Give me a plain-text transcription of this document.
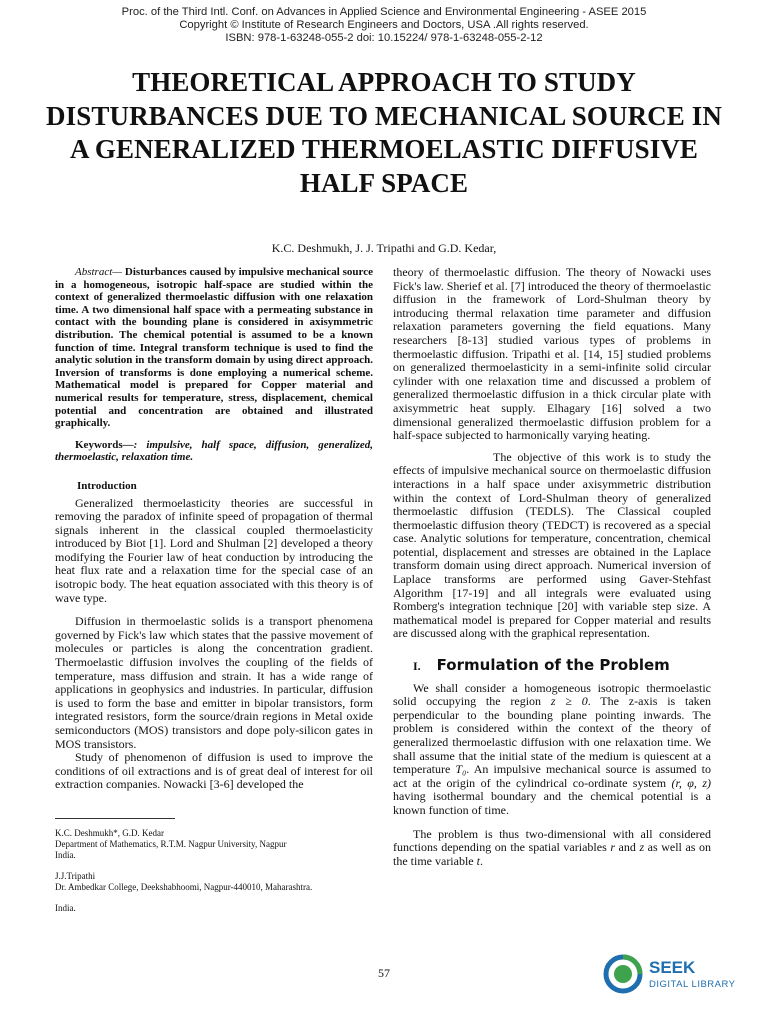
Proc. of the Third Intl. Conf. on Advances in Applied Science and Environmental Engineering - ASEE 2015
Copyright © Institute of Research Engineers and Doctors, USA .All rights reserved.
ISBN: 978-1-63248-055-2 doi: 10.15224/ 978-1-63248-055-2-12
THEORETICAL APPROACH TO STUDY DISTURBANCES DUE TO MECHANICAL SOURCE IN A GENERALIZED THERMOELASTIC DIFFUSIVE HALF SPACE
K.C. Deshmukh, J. J. Tripathi and G.D. Kedar,

Abstract— Disturbances caused by impulsive mechanical source in a homogeneous, isotropic half-space are studied within the context of generalized thermoelastic diffusion with one relaxation time. A two dimensional half space with a permeating substance in contact with the bounding plane is considered in axisymmetric distribution. The chemical potential is assumed to be a known function of time. Integral transform technique is used to find the analytic solution in the transform domain by using direct approach. Inversion of transforms is done employing a numerical scheme. Mathematical model is prepared for Copper material and numerical results for temperature, stress, displacement, chemical potential and concentration are obtained and illustrated graphically.

Keywords—: impulsive, half space, diffusion, generalized, thermoelastic, relaxation time.

Introduction

Generalized thermoelasticity theories are successful in removing the paradox of infinite speed of propagation of thermal signals inherent in the classical coupled thermoelasticity introduced by Biot [1]. Lord and Shulman [2] developed a theory modifying the Fourier law of heat conduction by introducing the heat flux rate and a relaxation time for the special case of an isotropic body. The heat equation associated with this theory is of wave type.

Diffusion in thermoelastic solids is a transport phenomena governed by Fick's law which states that the passive movement of molecules or particles is along the concentration gradient. Thermoelastic diffusion involves the coupling of the fields of temperature, mass diffusion and strain. It has a wide range of applications in geophysics and industries. In particular, diffusion is used to form the base and emitter in bipolar transistors, form integrated resistors, form the source/drain regions in Metal oxide semiconductors (MOS) transistors and dope poly-silicon gates in MOS transistors.

Study of phenomenon of diffusion is used to improve the conditions of oil extractions and is of great deal of interest for oil extraction companies. Nowacki [3-6] developed the

theory of thermoelastic diffusion. The theory of Nowacki uses Fick's law. Sherief et al. [7] introduced the theory of thermoelastic diffusion in the framework of Lord-Shulman theory by introducing thermal relaxation time parameter and diffusion relaxation parameters governing the field equations. Many researchers [8-13] studied various types of problems in thermoelastic diffusion. Tripathi et al. [14, 15] studied problems on generalized thermoelasticity in a semi-infinite solid circular cylinder with one relaxation time and discussed a problem of generalized thermoelastic diffusion in a thick circular plate with axisymmetric heat supply. Elhagary [16] solved a two dimensional generalized thermoelastic diffusion problem for a half-space subjected to harmonically varying heating.

The objective of this work is to study the effects of impulsive mechanical source on thermoelastic diffusion interactions in a half space under axisymmetric distribution within the context of Lord-Shulman theory of generalized thermoelastic diffusion (TEDLS). The Classical coupled thermoelastic diffusion theory (TEDCT) is recovered as a special case. Analytic solutions for temperature, concentration, chemical potential, displacement and stresses are obtained in the Laplace transform domain using direct approach. Numerical inversion of Laplace transforms are performed using Gaver-Stehfast Algorithm [17-19] and all integrals were evaluated using Romberg's integration technique [20] with variable step size. A mathematical model is prepared for Copper material and results are discussed along with the graphical representation.

I. Formulation of the Problem

We shall consider a homogeneous isotropic thermoelastic solid occupying the region z ≥ 0. The z-axis is taken perpendicular to the bounding plane pointing inwards. The problem is considered within the context of the theory of generalized thermoelastic diffusion with one relaxation time. We shall assume that the initial state of the medium is quiescent at a temperature T₀. An impulsive mechanical source is assumed to act at the origin of the cylindrical co-ordinate system (r, φ, z) having isothermal boundary and the chemical potential is a known function of time.

The problem is thus two-dimensional with all considered functions depending on the spatial variables r and z as well as on the time variable t.

K.C. Deshmukh*, G.D. Kedar

Department of Mathematics, R.T.M. Nagpur University, Nagpur

India.

J.J.Tripathi

Dr. Ambedkar College, Deekshabhoomi, Nagpur-440010, Maharashtra.

India.

57	SEEK
DIGITAL LIBRARY
